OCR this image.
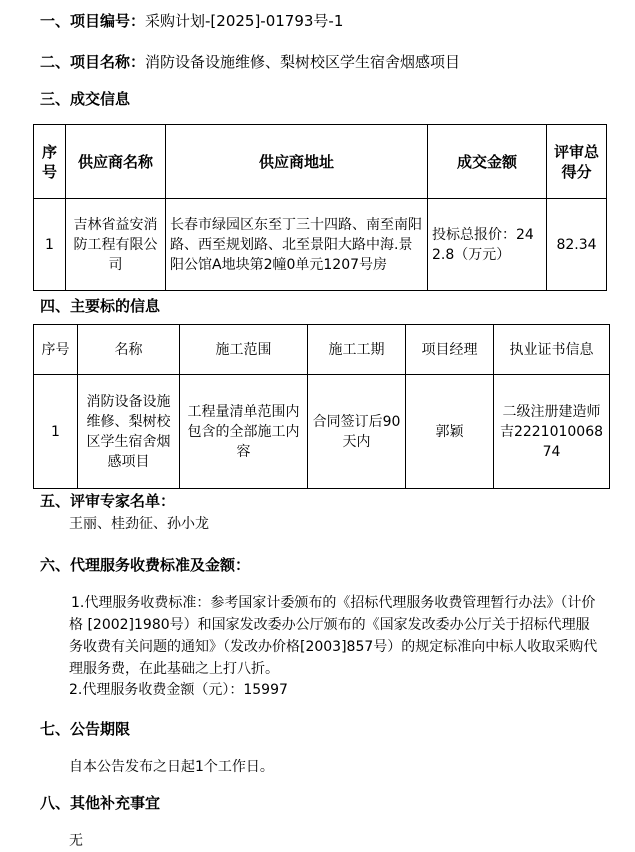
一、项目编号：采购计划-[2025]-01793号-1
二、项目名称：消防设备设施维修、梨树校区学生宿舍烟感项目
三、成交信息
序号	供应商名称	供应商地址	成交金额	评审总得分
1	吉林省益安消防工程有限公司	长春市绿园区东至丁三十四路、南至南阳路、西至规划路、北至景阳大路中海.景阳公馆A地块第2幢0单元1207号房	投标总报价：242.8（万元）	82.34
四、主要标的信息
序号	名称	施工范围	施工工期	项目经理	执业证书信息
1	消防设备设施维修、梨树校区学生宿舍烟感项目	工程量清单范围内包含的全部施工内容	合同签订后90天内	郭颖	二级注册建造师 吉222101006874
五、评审专家名单：
王丽、桂劲征、孙小龙
六、代理服务收费标准及金额：
1.代理服务收费标准：参考国家计委颁布的《招标代理服务收费管理暂行办法》（计价格 [2002]1980号）和国家发改委办公厅颁布的《国家发改委办公厅关于招标代理服务收费有关问题的通知》（发改办价格[2003]857号）的规定标准向中标人收取采购代理服务费，在此基础之上打八折。
2.代理服务收费金额（元）：15997
七、公告期限
自本公告发布之日起1个工作日。
八、其他补充事宜
无
